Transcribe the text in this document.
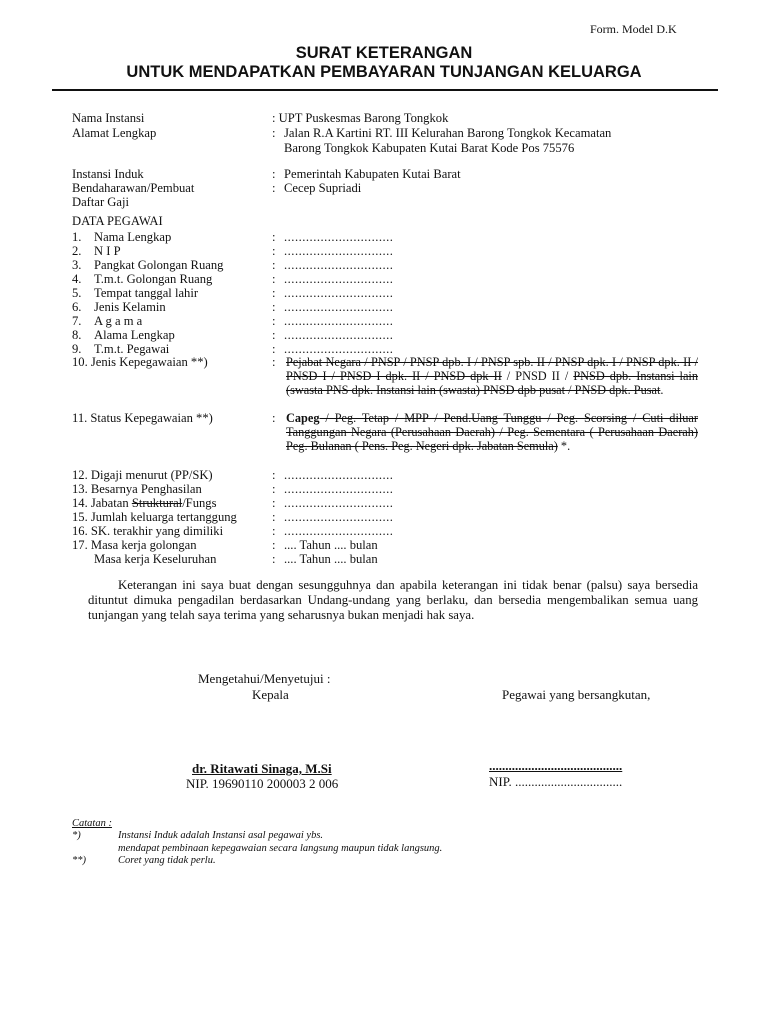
Form. Model D.K
SURAT KETERANGAN
UNTUK MENDAPATKAN PEMBAYARAN TUNJANGAN KELUARGA
Nama Instansi	: UPT Puskesmas Barong Tongkok
Alamat Lengkap	: Jalan R.A Kartini RT. III Kelurahan Barong Tongkok Kecamatan
Barong Tongkok Kabupaten Kutai Barat Kode Pos 75576
Instansi Induk	: Pemerintah Kabupaten Kutai Barat
Bendaharawan/Pembuat	: Cecep Supriadi
Daftar Gaji
DATA PEGAWAI
1. Nama Lengkap	: ..............................
2. N I P	: ..............................
3. Pangkat Golongan Ruang	: ..............................
4. T.m.t. Golongan Ruang	: ..............................
5. Tempat tanggal lahir	: ..............................
6. Jenis Kelamin	: ..............................
7. A g a m a	: ..............................
8. Alama Lengkap	: ..............................
9. T.m.t. Pegawai	: ..............................
10. Jenis Kepegawaian **)	: Pejabat Negara / PNSP / PNSP dpb. I / PNSP spb. II / PNSP dpk. I / PNSP dpk. II / PNSD I / PNSD I dpk. II / PNSD dpk II / PNSD II / PNSD dpb. Instansi lain (swasta PNS dpk. Instansi lain (swasta) PNSD dpb pusat / PNSD dpk. Pusat.
11. Status Kepegawaian **)	: Capeg / Peg. Tetap / MPP / Pend.Uang Tunggu / Peg. Scorsing / Cuti diluar Tanggungan Negara (Perusahaan Daerah) / Peg. Sementara ( Perusahaan Daerah) Peg. Bulanan ( Pens. Peg. Negeri dpk. Jabatan Semula) *.
12. Digaji menurut (PP/SK)	: ..............................
13. Besarnya Penghasilan	: ..............................
14. Jabatan Struktural/Fungs	: ..............................
15. Jumlah keluarga tertanggung	: ..............................
16. SK. terakhir yang dimiliki	: ..............................
17. Masa kerja golongan	: .... Tahun .... bulan
Masa kerja Keseluruhan	: .... Tahun .... bulan
Keterangan ini saya buat dengan sesungguhnya dan apabila keterangan ini tidak benar (palsu) saya bersedia dituntut dimuka pengadilan berdasarkan Undang-undang yang berlaku, dan bersedia mengembalikan semua uang tunjangan yang telah saya terima yang seharusnya bukan menjadi hak saya.
Mengetahui/Menyetujui :
Kepala	Pegawai yang bersangkutan,
dr. Ritawati Sinaga, M.Si
NIP. 19690110 200003 2 006
.........................................
NIP. .................................
Catatan :
*)	Instansi Induk adalah Instansi asal pegawai ybs.
mendapat pembinaan kepegawaian secara langsung maupun tidak langsung.
**)	Coret yang tidak perlu.
